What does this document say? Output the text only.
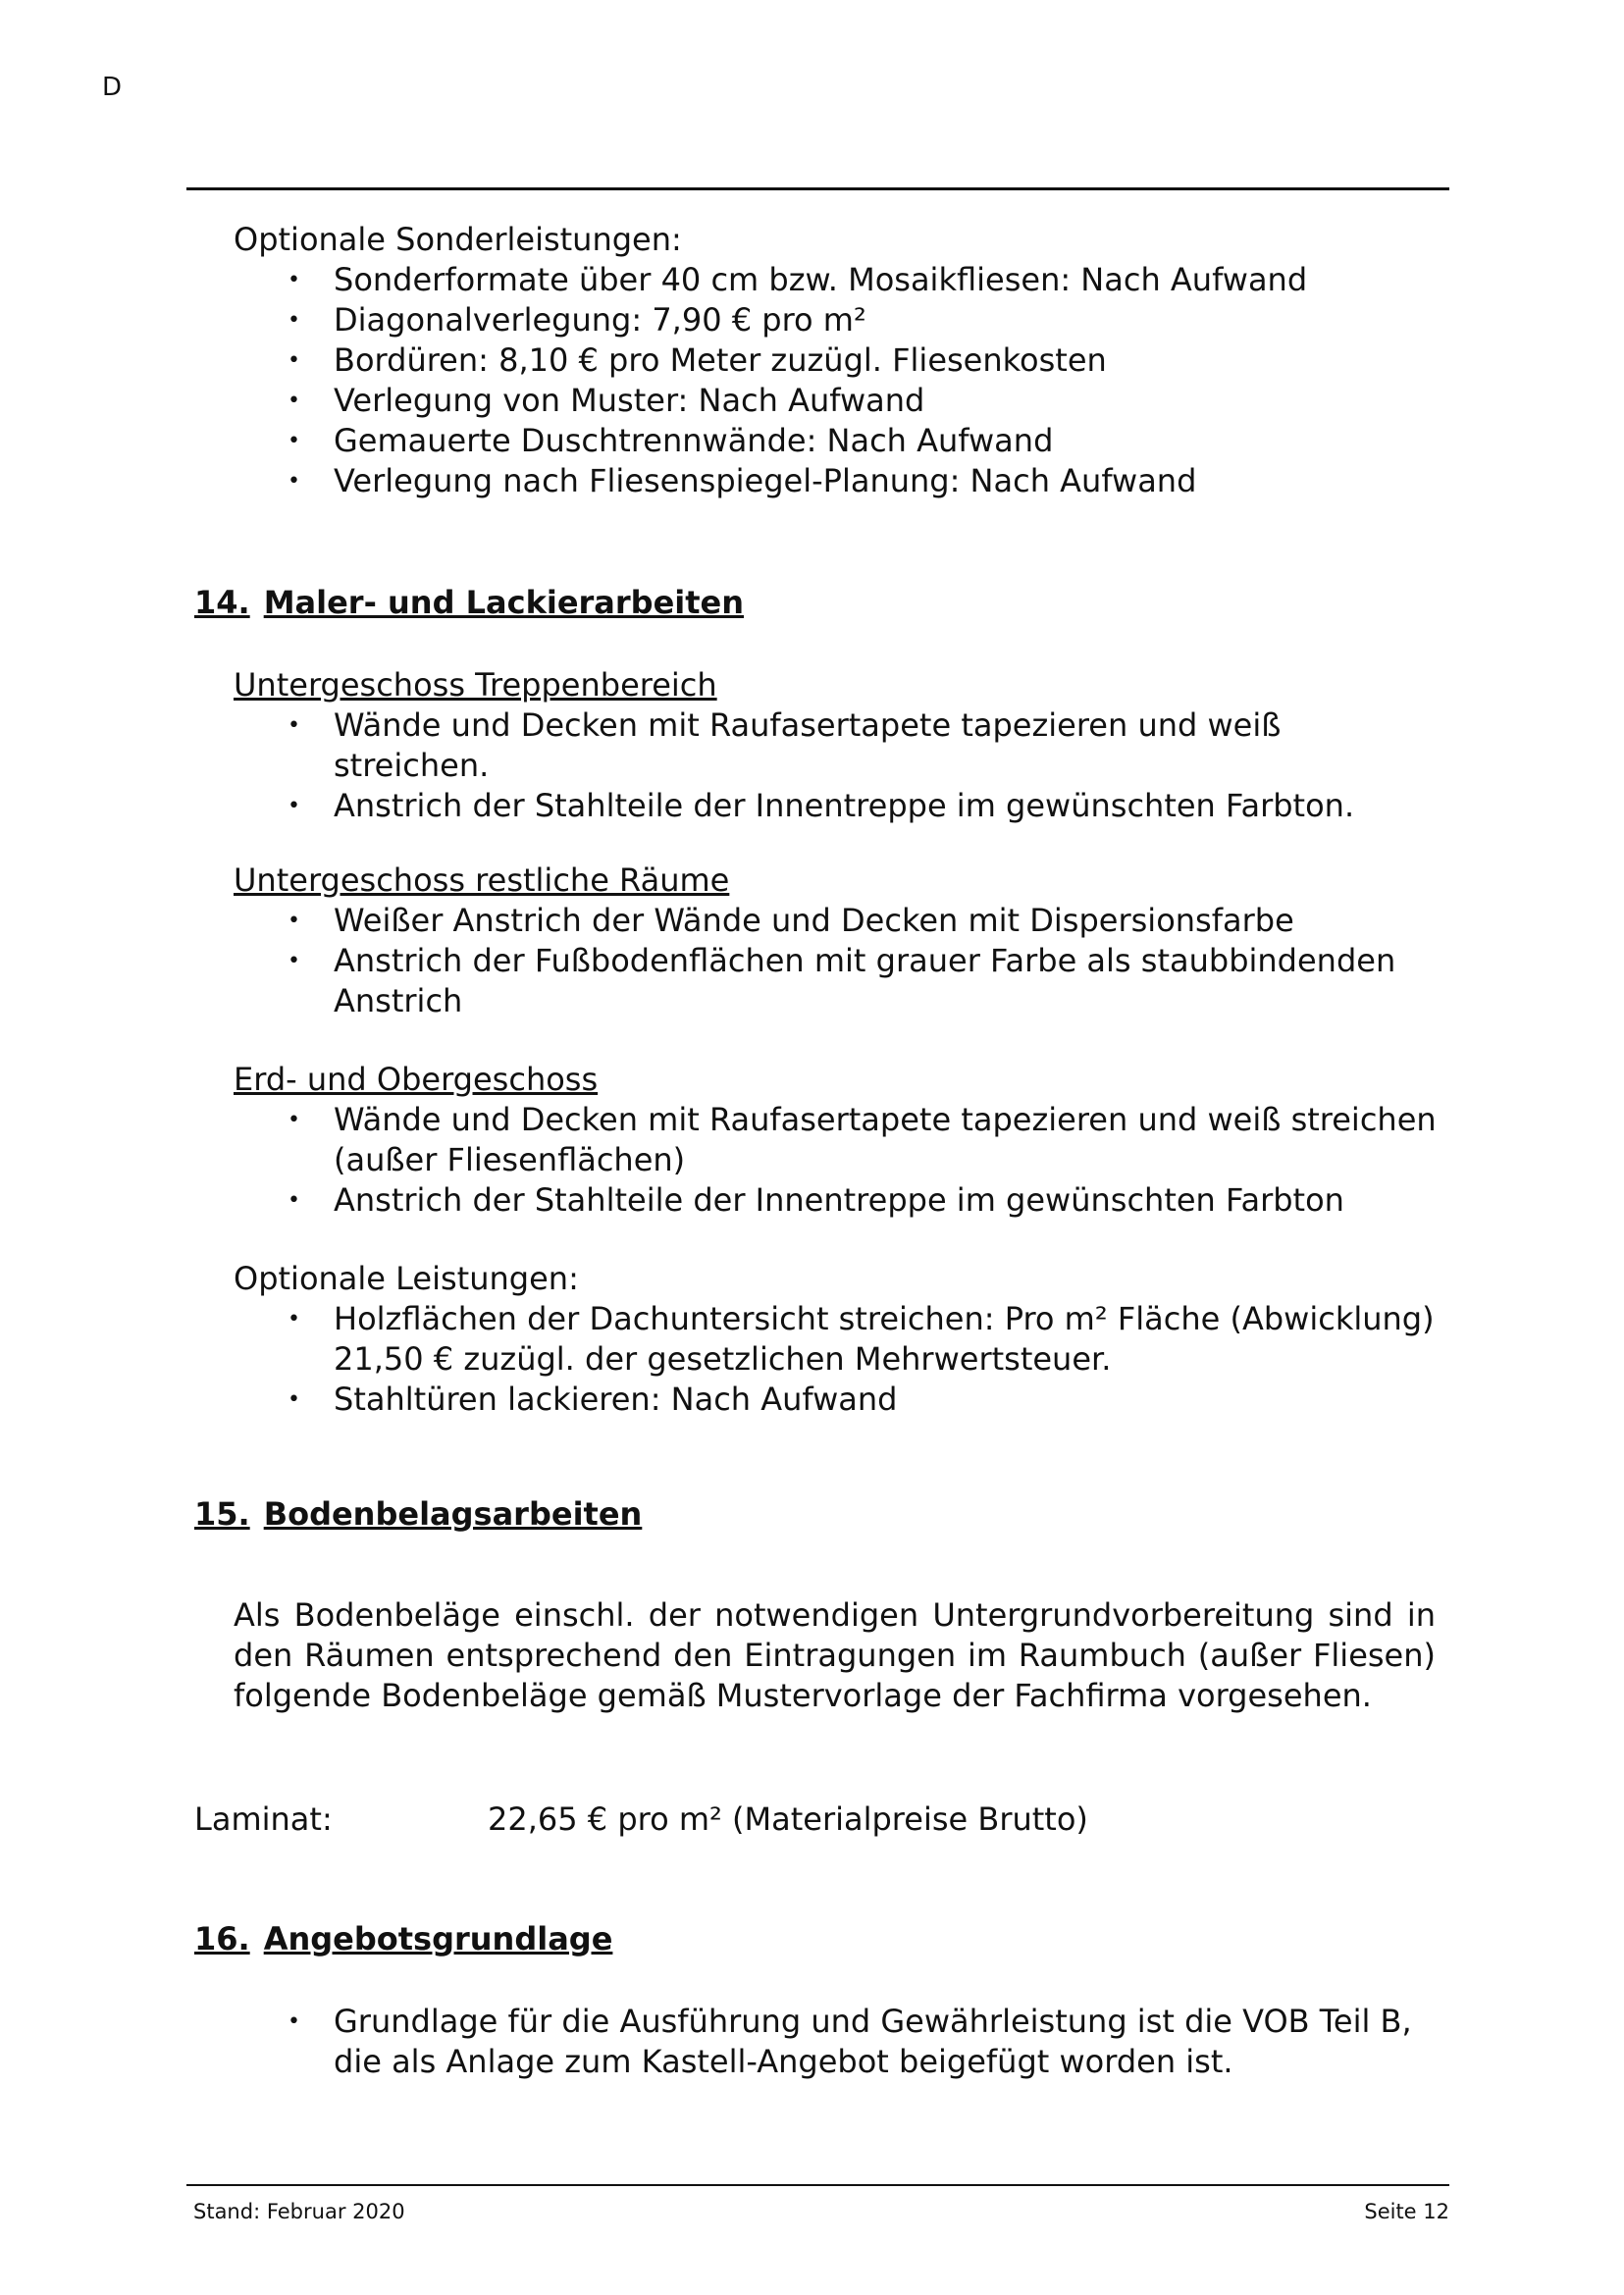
D
Optionale Sonderleistungen:
• Sonderformate über 40 cm bzw. Mosaikfliesen: Nach Aufwand
• Diagonalverlegung: 7,90 € pro m²
• Bordüren: 8,10 € pro Meter zuzügl. Fliesenkosten
• Verlegung von Muster: Nach Aufwand
• Gemauerte Duschtrennwände: Nach Aufwand
• Verlegung nach Fliesenspiegel-Planung: Nach Aufwand
14. Maler- und Lackierarbeiten
Untergeschoss Treppenbereich
• Wände und Decken mit Raufasertapete tapezieren und weiß streichen.
• Anstrich der Stahlteile der Innentreppe im gewünschten Farbton.
Untergeschoss restliche Räume
• Weißer Anstrich der Wände und Decken mit Dispersionsfarbe
• Anstrich der Fußbodenflächen mit grauer Farbe als staubbindenden Anstrich
Erd- und Obergeschoss
• Wände und Decken mit Raufasertapete tapezieren und weiß streichen (außer Fliesenflächen)
• Anstrich der Stahlteile der Innentreppe im gewünschten Farbton
Optionale Leistungen:
• Holzflächen der Dachuntersicht streichen: Pro m² Fläche (Abwicklung) 21,50 € zuzügl. der gesetzlichen Mehrwertsteuer.
• Stahltüren lackieren: Nach Aufwand
15. Bodenbelagsarbeiten
Als Bodenbeläge einschl. der notwendigen Untergrundvorbereitung sind in den Räumen entsprechend den Eintragungen im Raumbuch (außer Fliesen) folgende Bodenbeläge gemäß Mustervorlage der Fachfirma vorgesehen.
Laminat:	22,65 € pro m² (Materialpreise Brutto)
16. Angebotsgrundlage
• Grundlage für die Ausführung und Gewährleistung ist die VOB Teil B, die als Anlage zum Kastell-Angebot beigefügt worden ist.
Stand: Februar 2020	Seite 12
